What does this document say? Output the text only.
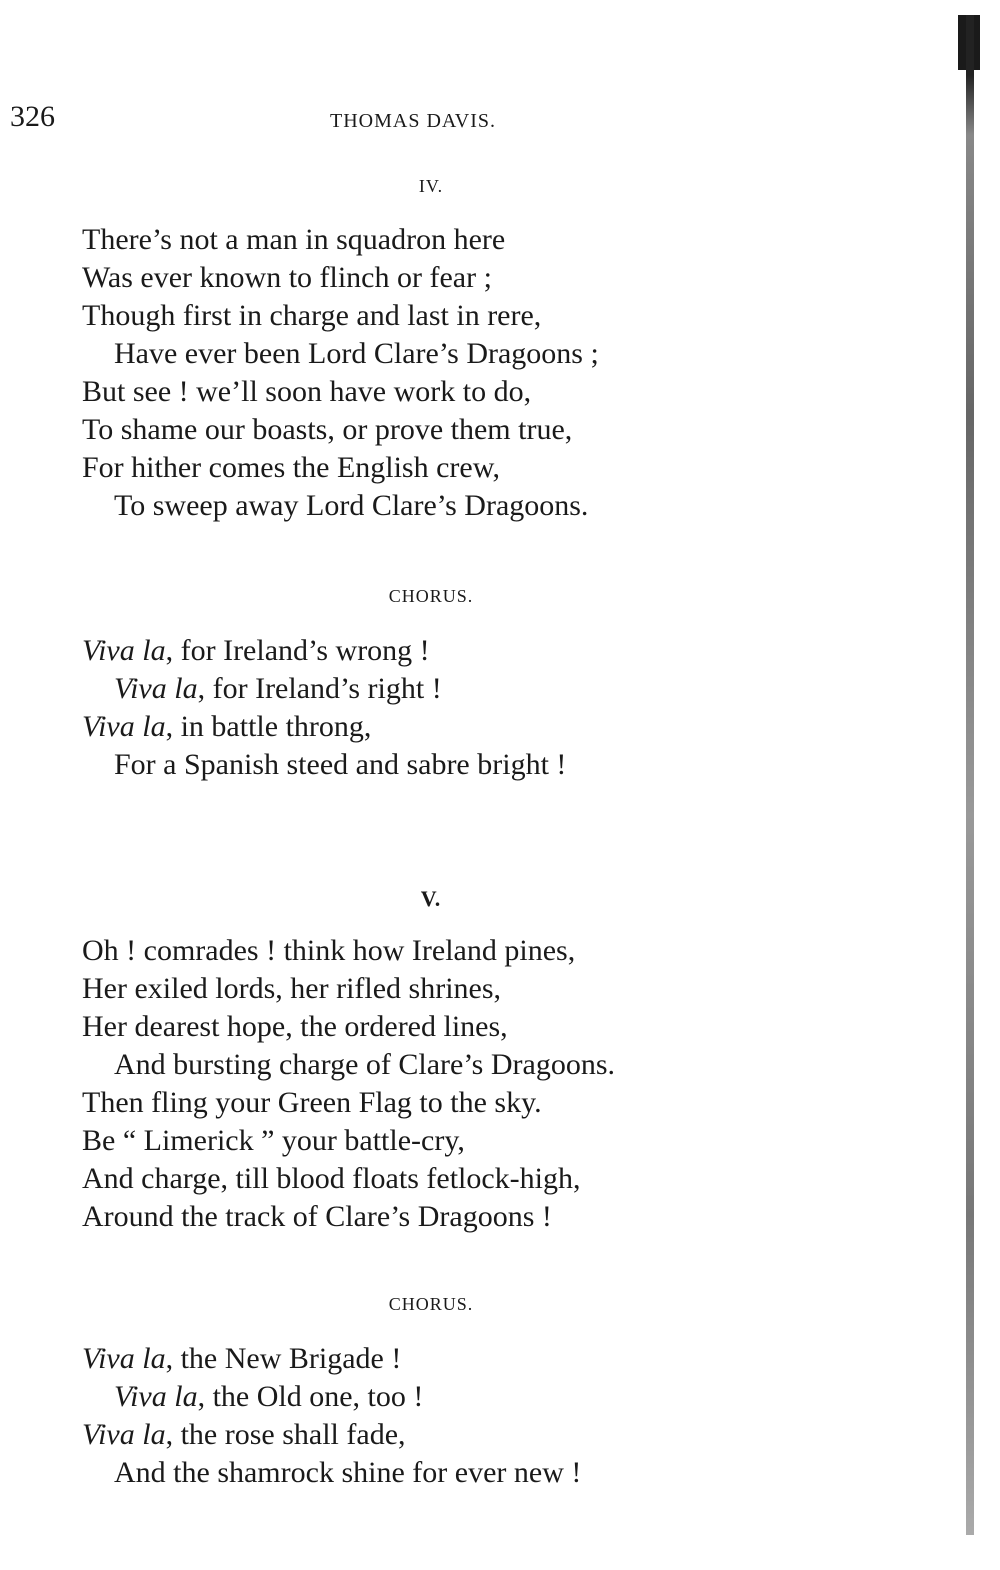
326	THOMAS DAVIS.
IV.
There’s not a man in squadron here
Was ever known to flinch or fear ;
Though first in charge and last in rere,
Have ever been Lord Clare’s Dragoons ;
But see ! we’ll soon have work to do,
To shame our boasts, or prove them true,
For hither comes the English crew,
To sweep away Lord Clare’s Dragoons.
CHORUS.
Viva la, for Ireland’s wrong !
Viva la, for Ireland’s right !
Viva la, in battle throng,
For a Spanish steed and sabre bright !
V.
Oh ! comrades ! think how Ireland pines,
Her exiled lords, her rifled shrines,
Her dearest hope, the ordered lines,
And bursting charge of Clare’s Dragoons.
Then fling your Green Flag to the sky.
Be “ Limerick ” your battle-cry,
And charge, till blood floats fetlock-high,
Around the track of Clare’s Dragoons !
CHORUS.
Viva la, the New Brigade !
Viva la, the Old one, too !
Viva la, the rose shall fade,
And the shamrock shine for ever new !
